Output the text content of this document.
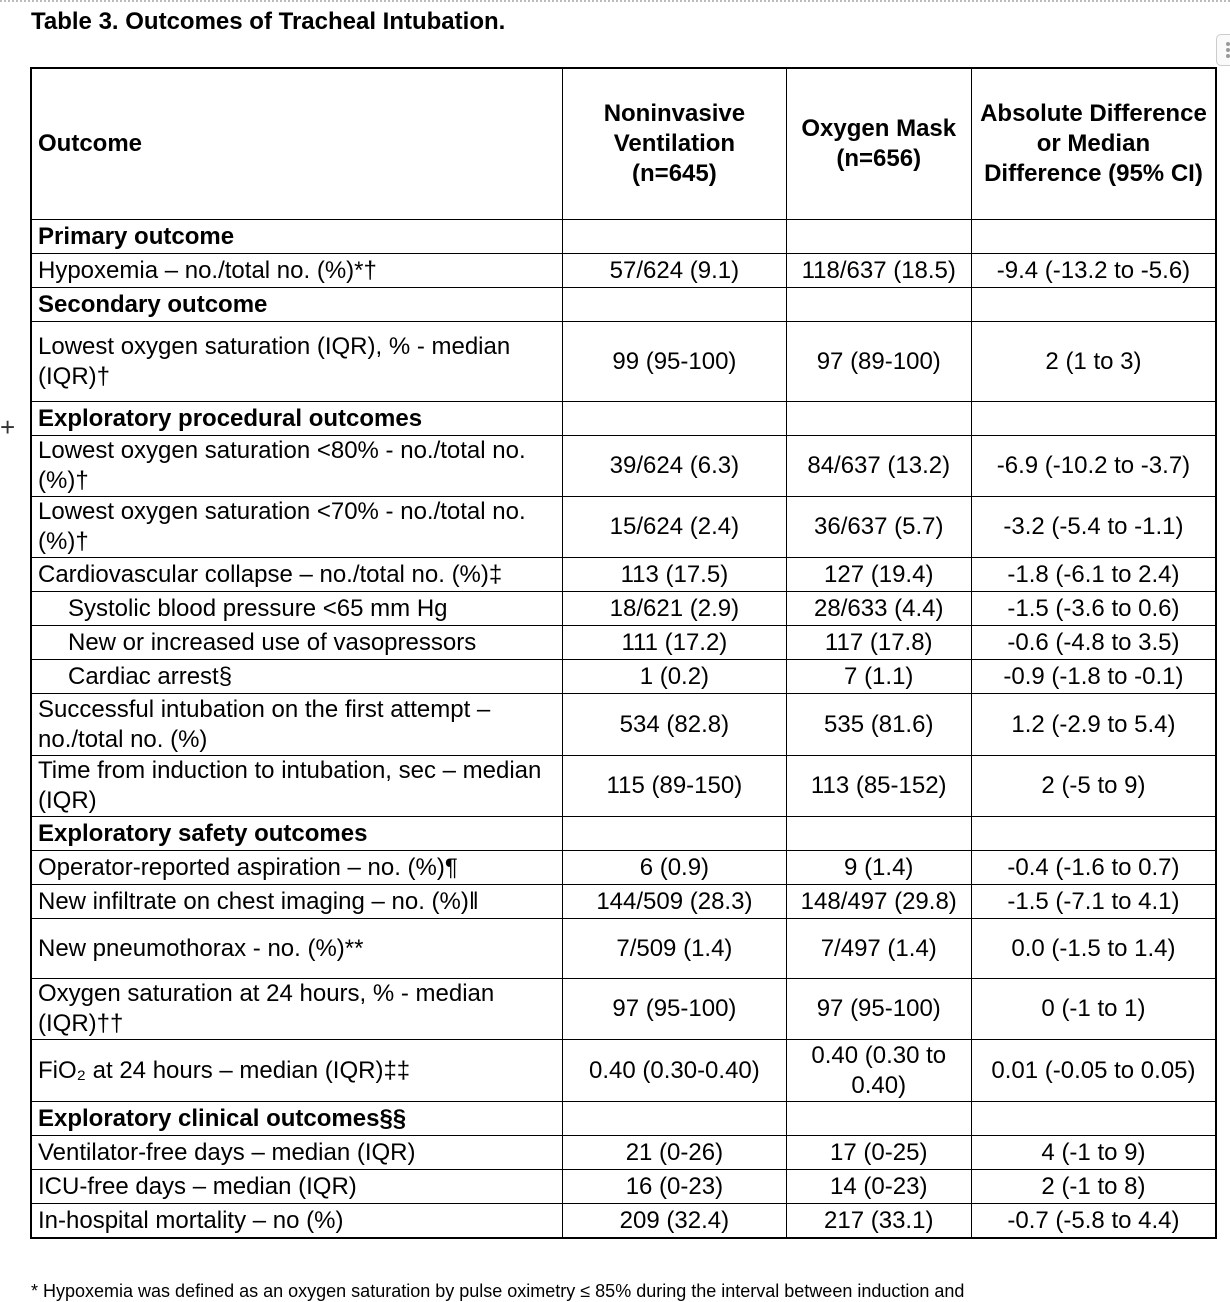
Table 3. Outcomes of Tracheal Intubation.
+
Outcome	Noninvasive Ventilation (n=645)	Oxygen Mask (n=656)	Absolute Difference or Median Difference (95% CI)
Primary outcome			
Hypoxemia – no./total no. (%)*†	57/624 (9.1)	118/637 (18.5)	-9.4 (-13.2 to -5.6)
Secondary outcome			
Lowest oxygen saturation (IQR), % - median (IQR)†	99 (95-100)	97 (89-100)	2 (1 to 3)
Exploratory procedural outcomes			
Lowest oxygen saturation <80% - no./total no. (%)†	39/624 (6.3)	84/637 (13.2)	-6.9 (-10.2 to -3.7)
Lowest oxygen saturation <70% - no./total no. (%)†	15/624 (2.4)	36/637 (5.7)	-3.2 (-5.4 to -1.1)
Cardiovascular collapse – no./total no. (%)‡	113 (17.5)	127 (19.4)	-1.8 (-6.1 to 2.4)
Systolic blood pressure <65 mm Hg	18/621 (2.9)	28/633 (4.4)	-1.5 (-3.6 to 0.6)
New or increased use of vasopressors	111 (17.2)	117 (17.8)	-0.6 (-4.8 to 3.5)
Cardiac arrest§	1 (0.2)	7 (1.1)	-0.9 (-1.8 to -0.1)
Successful intubation on the first attempt – no./total no. (%)	534 (82.8)	535 (81.6)	1.2 (-2.9 to 5.4)
Time from induction to intubation, sec – median (IQR)	115 (89-150)	113 (85-152)	2 (-5 to 9)
Exploratory safety outcomes			
Operator-reported aspiration – no. (%)¶	6 (0.9)	9 (1.4)	-0.4 (-1.6 to 0.7)
New infiltrate on chest imaging – no. (%)‖	144/509 (28.3)	148/497 (29.8)	-1.5 (-7.1 to 4.1)
New pneumothorax - no. (%)**	7/509 (1.4)	7/497 (1.4)	0.0 (-1.5 to 1.4)
Oxygen saturation at 24 hours, % - median (IQR)††	97 (95-100)	97 (95-100)	0 (-1 to 1)
FiO₂ at 24 hours – median (IQR)‡‡	0.40 (0.30-0.40)	0.40 (0.30 to 0.40)	0.01 (-0.05 to 0.05)
Exploratory clinical outcomes§§			
Ventilator-free days – median (IQR)	21 (0-26)	17 (0-25)	4 (-1 to 9)
ICU-free days – median (IQR)	16 (0-23)	14 (0-23)	2 (-1 to 8)
In-hospital mortality – no (%)	209 (32.4)	217 (33.1)	-0.7 (-5.8 to 4.4)
* Hypoxemia was defined as an oxygen saturation by pulse oximetry ≤ 85% during the interval between induction and
